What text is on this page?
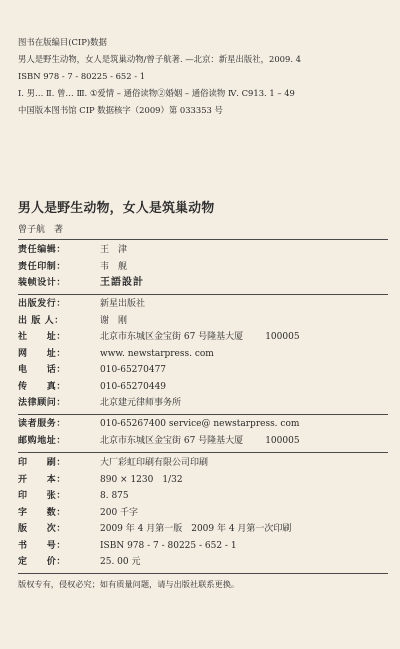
图书在版编目(CIP)数据
男人是野生动物，女人是筑巢动物/曾子航著. —北京：新星出版社，2009. 4
ISBN 978 - 7 - 80225 - 652 - 1
I. 男… Ⅱ. 曾… Ⅲ. ①爱情 – 通俗读物②婚姻 – 通俗读物 Ⅳ. C913. 1 – 49
中国版本图书馆 CIP 数据核字（2009）第 033353 号
男人是野生动物，女人是筑巢动物
曾子航　著
责任编辑：	王　津
责任印制：	韦　舰
装帧设计：	王語設計
出版发行：	新星出版社
出 版 人：	谢　刚
社　　址：	北京市东城区金宝街 67 号隆基大厦 100005
网　　址：	www. newstarpress. com
电　　话：	010-65270477
传　　真：	010-65270449
法律顾问：	北京建元律师事务所
读者服务：	010-65267400 service@ newstarpress. com
邮购地址：	北京市东城区金宝街 67 号隆基大厦 100005
印　　刷：	大厂彩虹印刷有限公司印刷
开　　本：	890 × 1230　1/32
印　　张：	8. 875
字　　数：	200 千字
版　　次：	2009 年 4 月第一版　2009 年 4 月第一次印刷
书　　号：	ISBN 978 - 7 - 80225 - 652 - 1
定　　价：	25. 00 元
版权专有，侵权必究；如有质量问题，请与出版社联系更换。
